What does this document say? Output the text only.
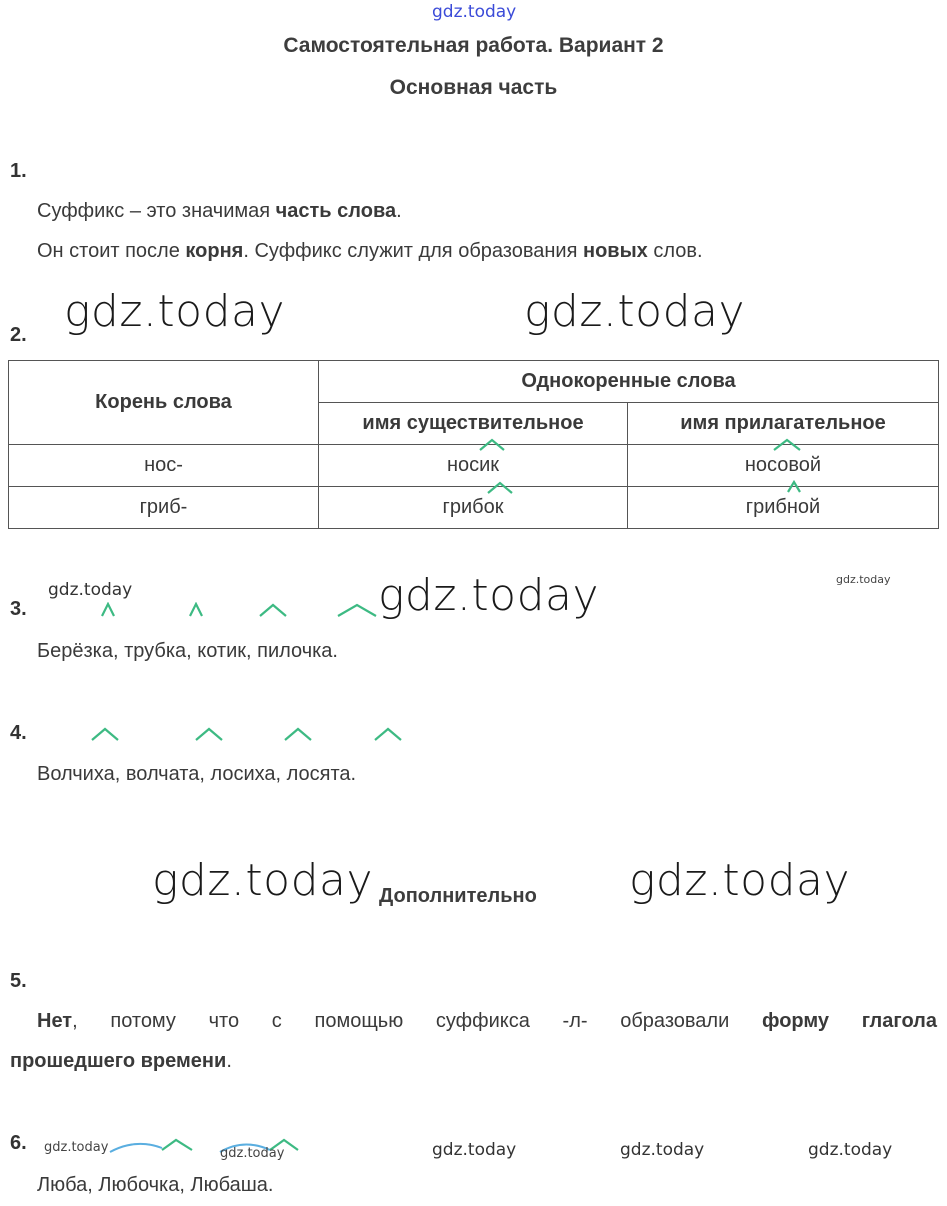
gdz.today
Самостоятельная работа. Вариант 2
Основная часть
1.
Суффикс – это значимая часть слова.
Он стоит после корня. Суффикс служит для образования новых слов.
gdz.today	gdz.today
2.
Корень слова	Однокоренные слова	
	имя существительное	имя прилагательное
нос-	носик	носовой
гриб-	грибок	грибной
gdz.today	gdz.today	gdz.today
3.
Берёзка, трубка, котик, пилочка.
4.
Волчиха, волчата, лосиха, лосята.
gdz.today Дополнительно gdz.today
5.
Нет, потому что с помощью суффикса -л- образовали форму глагола
прошедшего времени.
6. gdz.today	gdz.today	gdz.today	gdz.today	gdz.today
Люба, Любочка, Любаша.
